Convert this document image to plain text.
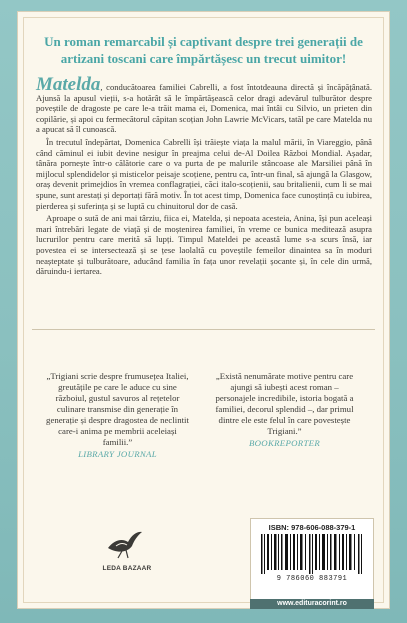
Un roman remarcabil și captivant despre trei generații de artizani toscani care împărtășesc un trecut uimitor!

Matelda, conducătoarea familiei Cabrelli, a fost întotdeauna directă și încăpățânată. Ajunsă la apusul vieții, s-a hotărât să le împărtășească celor dragi adevărul tulburător despre poveștile de dragoste pe care le-a trăit mama ei, Domenica, mai întâi cu Silvio, un prieten din copilărie, și apoi cu fermecătorul căpitan scoțian John Lawrie McVicars, tatăl pe care Matelda nu a apucat să îl cunoască.

În trecutul îndepărtat, Domenica Cabrelli își trăiește viața la malul mării, în Viareggio, până când căminul ei iubit devine nesigur în preajma celui de-Al Doilea Război Mondial. Așadar, tânăra pornește într-o călătorie care o va purta de pe malurile stâncoase ale Marsiliei până în mijlocul splendidelor și misticelor peisaje scoțiene, pentru ca, într-un final, să ajungă la Glasgow, oraș devenit primejdios în vremea conflagrației, căci italo-scoțienii, sau britalienii, cum li se mai spune, sunt arestați și deportați fără motiv. În tot acest timp, Domenica face cunoștință cu iubirea, pierderea și suferința și se luptă cu chinuitorul dor de casă.

Aproape o sută de ani mai târziu, fiica ei, Matelda, și nepoata acesteia, Anina, își pun aceleași mari întrebări legate de viață și de moștenirea familiei, în vreme ce bunica meditează asupra lucrurilor pentru care merită să lupți. Timpul Mateldei pe această lume s-a scurs însă, iar povestea ei se intersectează și se țese laolaltă cu poveștile femeilor dinaintea sa în moduri neașteptate și tulburătoare, aducând familia în fața unor revelații șocante și, în cele din urmă, dăruindu-i iertarea.

„Trigiani scrie despre frumusețea Italiei, greutățile pe care le aduce cu sine războiul, gustul savuros al rețetelor culinare transmise din generație în generație și despre dragostea de neclintit care-i anima pe membrii aceleiași familii.”
LIBRARY JOURNAL
„Există nenumărate motive pentru care ajungi să iubești acest roman – personajele incredibile, istoria bogată a familiei, decorul splendid –, dar primul dintre ele este felul în care povestește Trigiani.”
BOOKREPORTER
LEDA BAZAAR
ISBN: 978-606-088-379-1
9 786060 883791
www.edituracorint.ro
